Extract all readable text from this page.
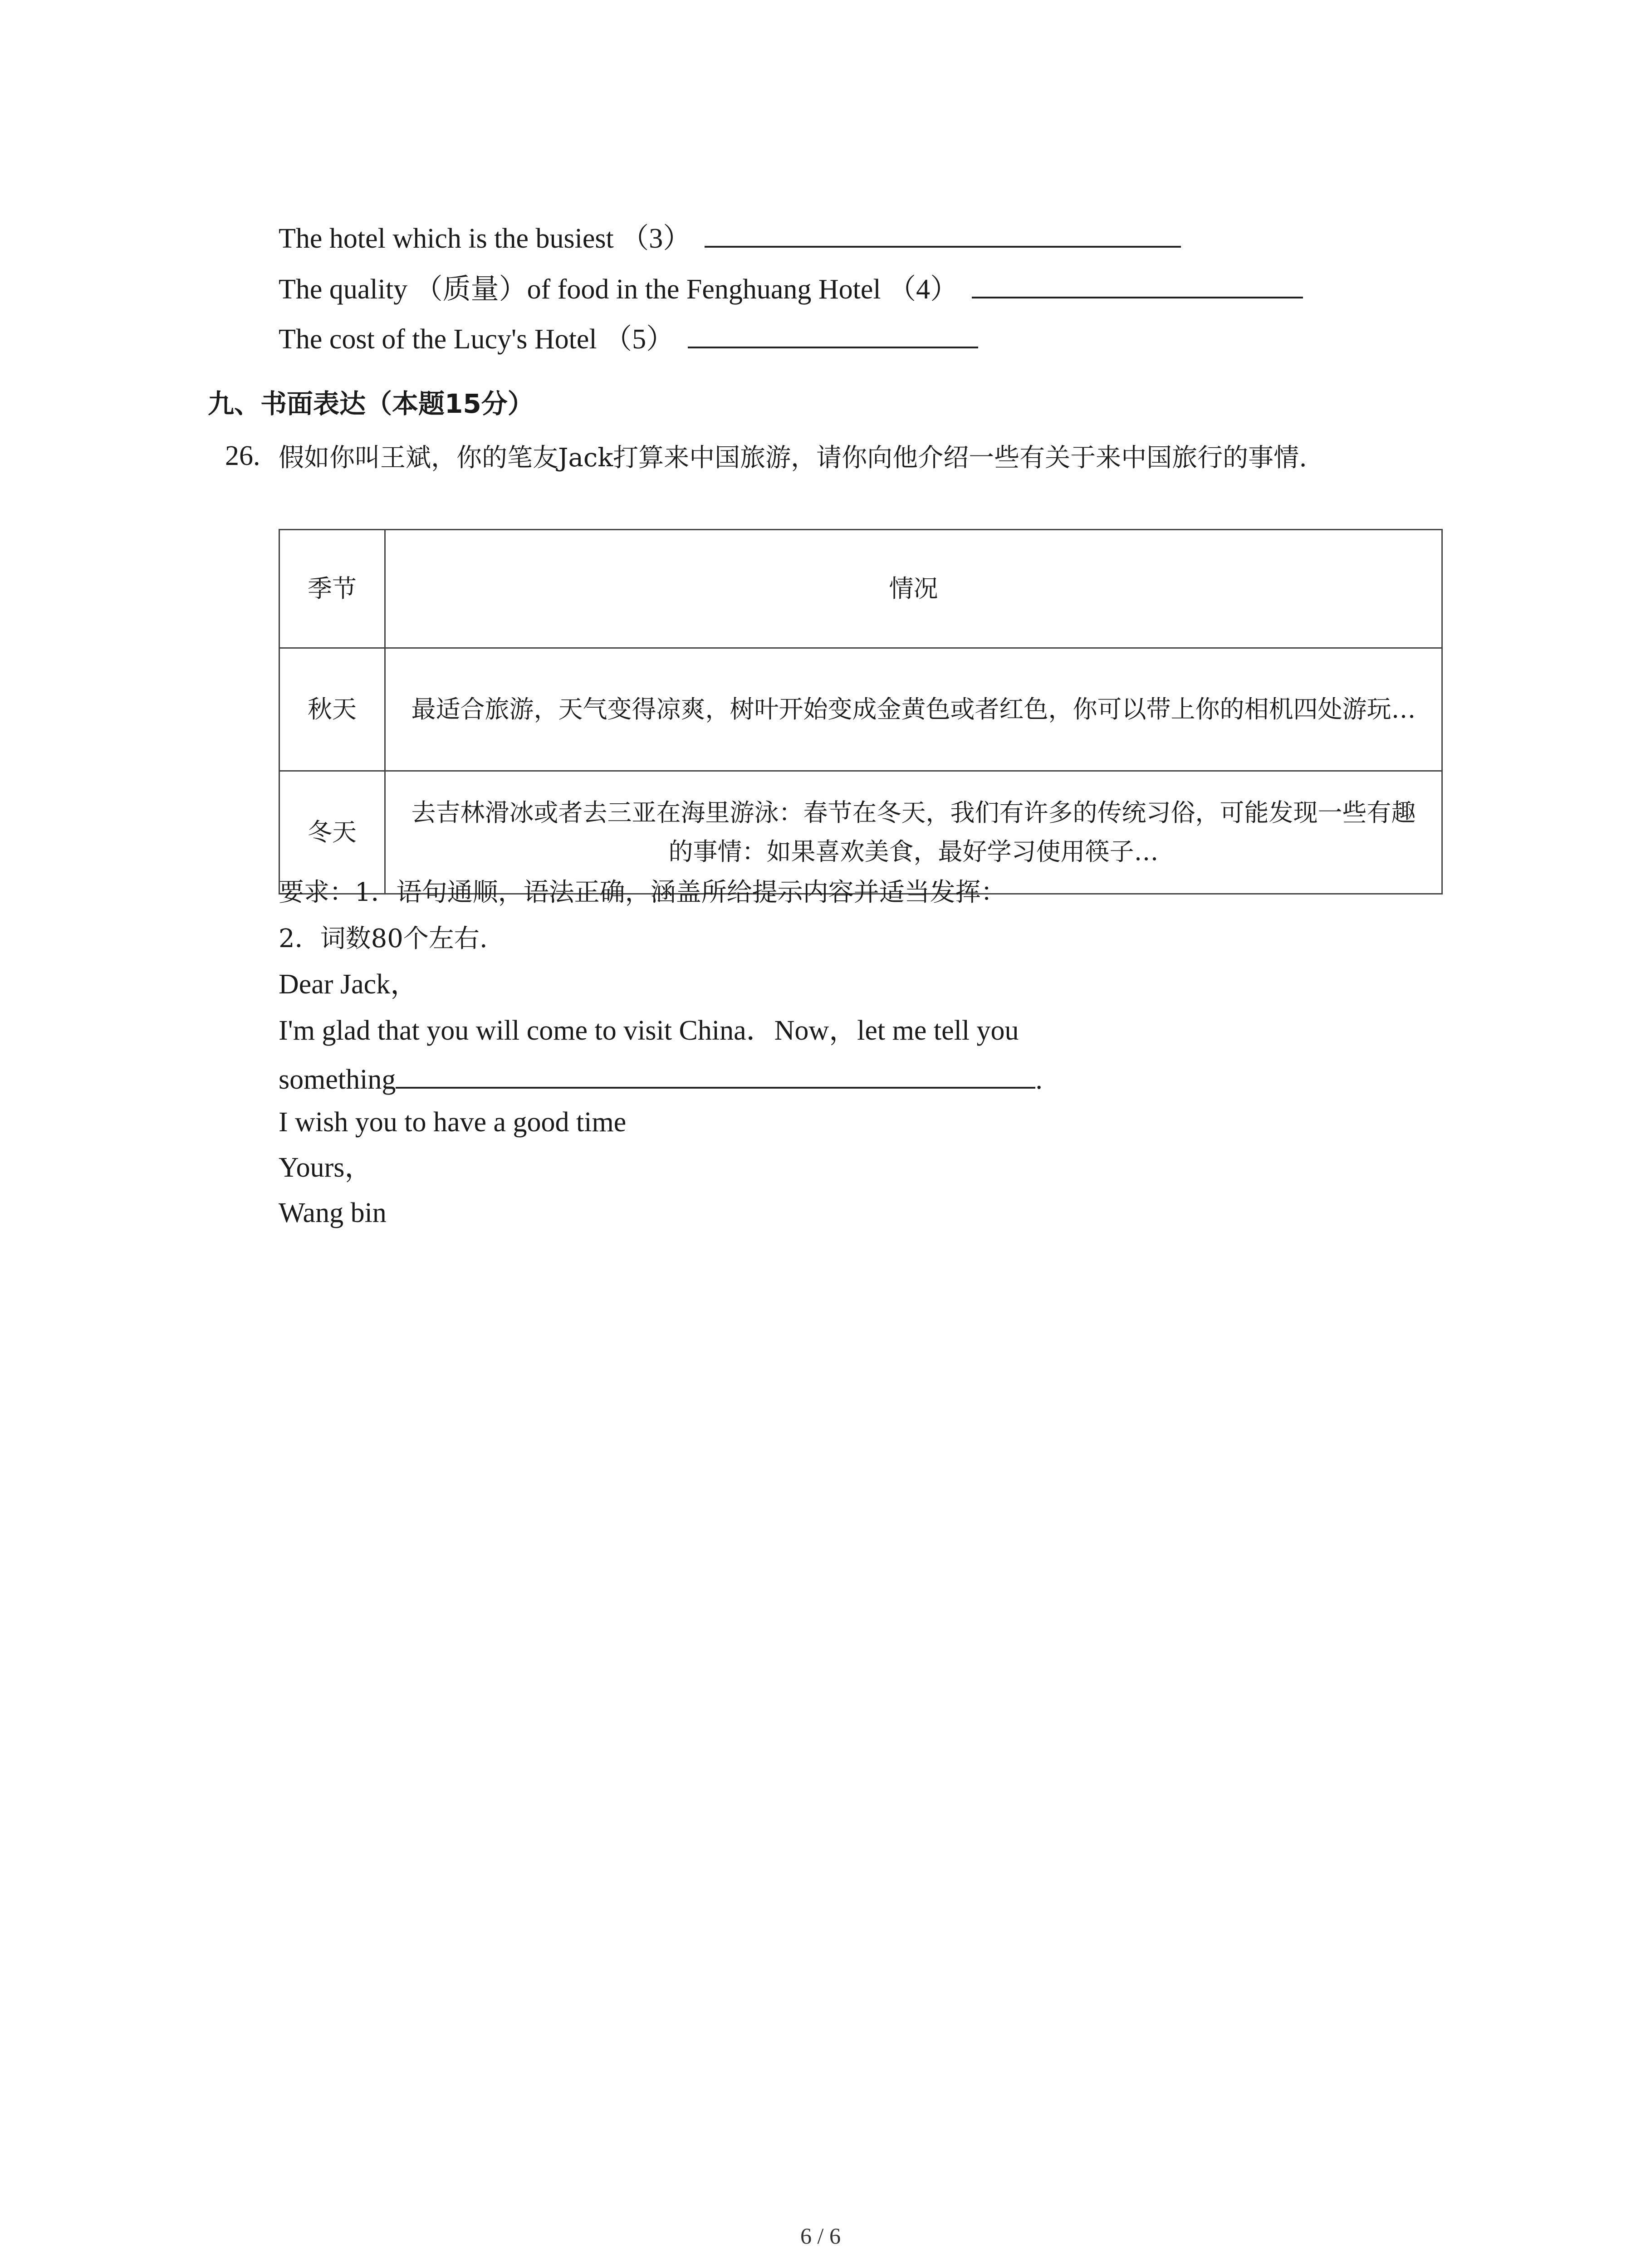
The hotel which is the busiest （3）
The quality （质量）of food in the Fenghuang Hotel （4）
The cost of the Lucy's Hotel （5）
九、书面表达（本题15分）
26. 假如你叫王斌，你的笔友Jack打算来中国旅游，请你向他介绍一些有关于来中国旅行的事情.
季节	情况
秋天	最适合旅游，天气变得凉爽，树叶开始变成金黄色或者红色，你可以带上你的相机四处游玩…
冬天	去吉林滑冰或者去三亚在海里游泳：春节在冬天，我们有许多的传统习俗，可能发现一些有趣的事情：如果喜欢美食，最好学习使用筷子…
要求：1．语句通顺，语法正确，涵盖所给提示内容并适当发挥：
2．词数80个左右.
Dear Jack，
I'm glad that you will come to visit China．Now，let me tell you
something	.
I wish you to have a good time
Yours，
Wang bin
6 / 6
